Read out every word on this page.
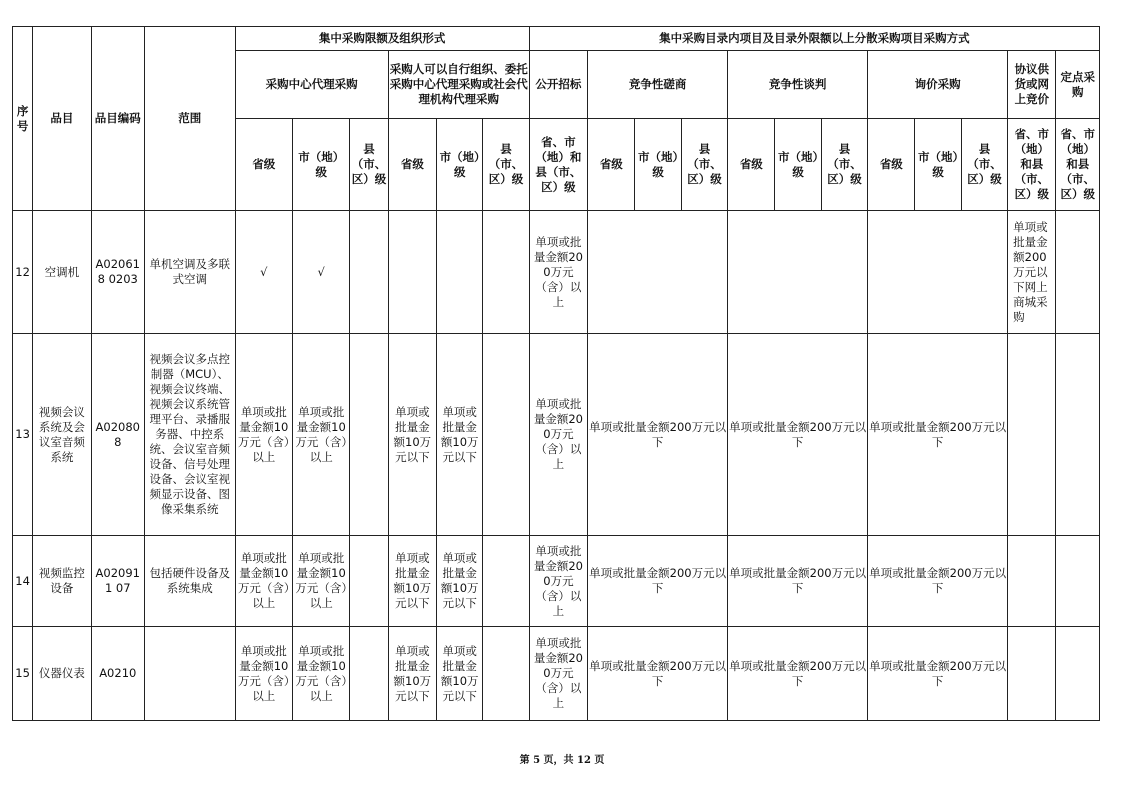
序号	品目	品目编码	范围	集中采购限额及组织形式						集中采购目录内项目及目录外限额以上分散采购项目采购方式											
				采购中心代理采购			采购人可以自行组织、委托采购中心代理采购或社会代理机构代理采购			公开招标	竞争性磋商			竞争性谈判			询价采购			协议供货或网上竞价	定点采购
				省级	市（地）级	县（市、区）级	省级	市（地）级	县（市、区）级	省、市（地）和县（市、区）级	省级	市（地）级	县（市、区）级	省级	市（地）级	县（市、区）级	省级	市（地）级	县（市、区）级	省、市（地）和县（市、区）级	省、市（地）和县（市、区）级
12	空调机	A020618 0203	单机空调及多联式空调	√	√					单项或批量金额200万元（含）以上										单项或批量金额200万元以下网上商城采购	
13	视频会议系统及会议室音频系统	A020808	视频会议多点控制器（MCU）、视频会议终端、视频会议系统管理平台、录播服务器、中控系统、会议室音频设备、信号处理设备、会议室视频显示设备、图像采集系统	单项或批量金额10万元（含）以上	单项或批量金额10万元（含）以上		单项或批量金额10万元以下	单项或批量金额10万元以下		单项或批量金额200万元（含）以上	单项或批量金额200万元以下			单项或批量金额200万元以下			单项或批量金额200万元以下				
14	视频监控设备	A020911 07	包括硬件设备及系统集成	单项或批量金额10万元（含）以上	单项或批量金额10万元（含）以上		单项或批量金额10万元以下	单项或批量金额10万元以下		单项或批量金额200万元（含）以上	单项或批量金额200万元以下			单项或批量金额200万元以下			单项或批量金额200万元以下				
15	仪器仪表	A0210		单项或批量金额10万元（含）以上	单项或批量金额10万元（含）以上		单项或批量金额10万元以下	单项或批量金额10万元以下		单项或批量金额200万元（含）以上	单项或批量金额200万元以下			单项或批量金额200万元以下			单项或批量金额200万元以下				
第 5 页，共 12 页
